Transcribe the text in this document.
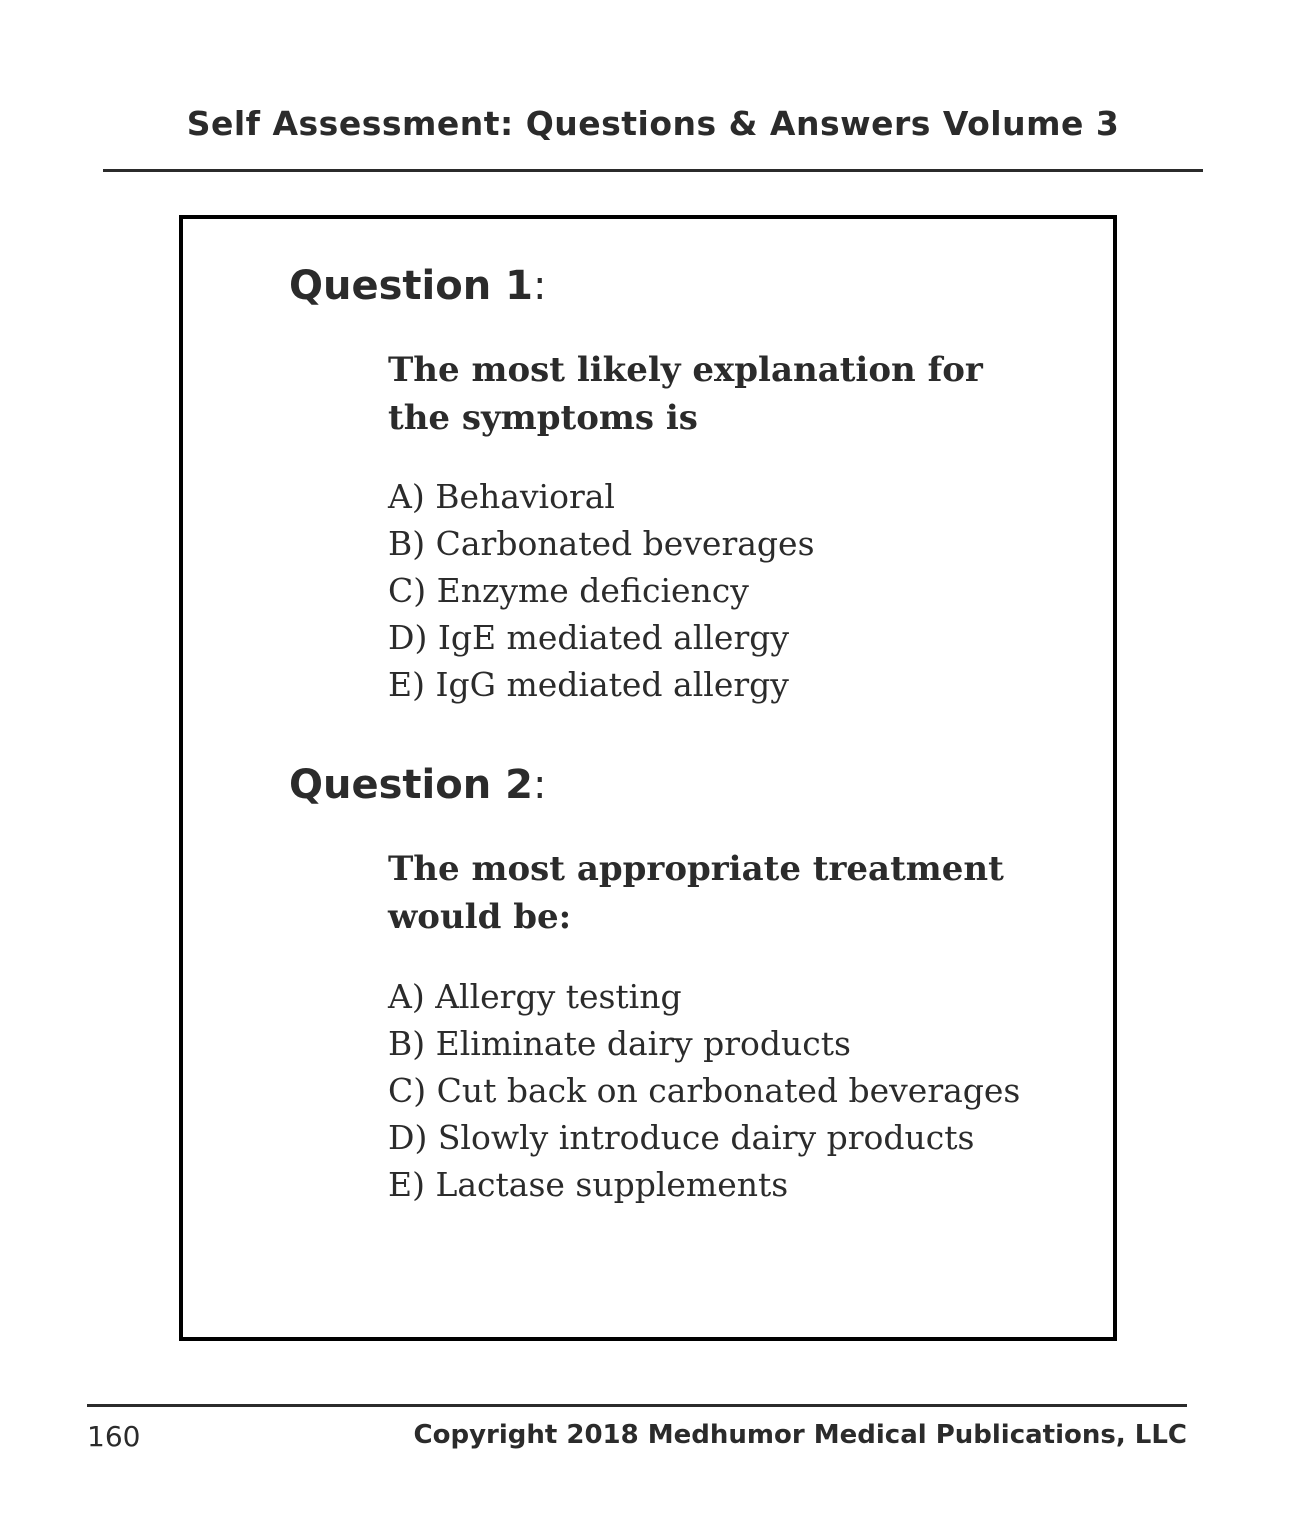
Self Assessment: Questions & Answers Volume 3
Question 1:
The most likely explanation for the symptoms is
A) Behavioral
B) Carbonated beverages
C) Enzyme deficiency
D) IgE mediated allergy
E) IgG mediated allergy
Question 2:
The most appropriate treatment would be:
A) Allergy testing
B) Eliminate dairy products
C) Cut back on carbonated beverages
D) Slowly introduce dairy products
E) Lactase supplements
160	Copyright 2018 Medhumor Medical Publications, LLC
